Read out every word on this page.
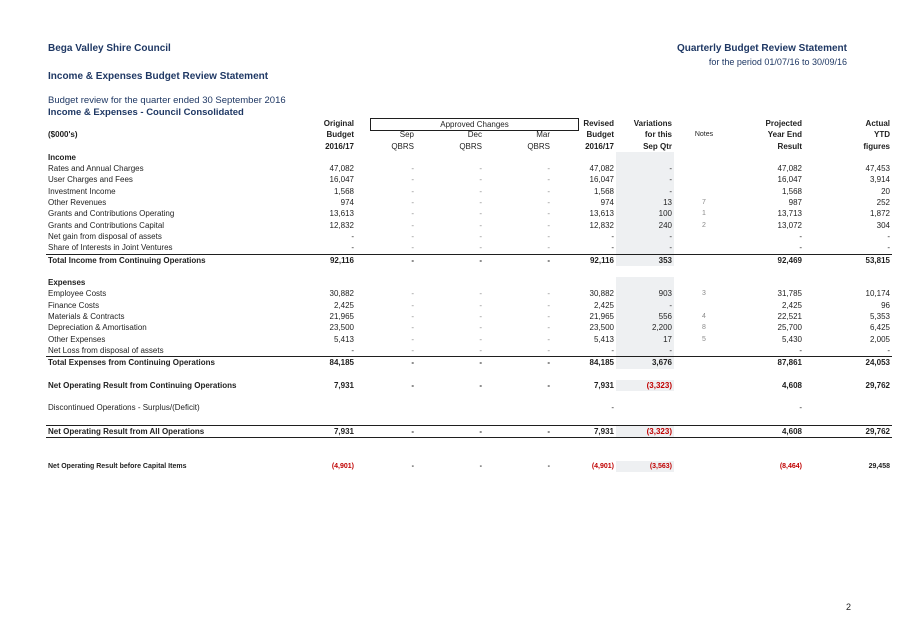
Bega Valley Shire Council	Quarterly Budget Review Statement
for the period 01/07/16 to 30/09/16
Income & Expenses Budget Review Statement
Budget review for the quarter ended 30 September 2016
Income & Expenses - Council Consolidated
Approved Changes
	Original				Revised	Variations		Projected	Actual
($000's)	Budget	Sep	Dec	Mar	Budget	for this	Notes	Year End	YTD
	2016/17	QBRS	QBRS	QBRS	2016/17	Sep Qtr		Result	figures
Income									
Rates and Annual Charges	47,082	-	-	-	47,082	-		47,082	47,453
User Charges and Fees	16,047	-	-	-	16,047	-		16,047	3,914
Investment Income	1,568	-	-	-	1,568	-		1,568	20
Other Revenues	974	-	-	-	974	13	7	987	252
Grants and Contributions Operating	13,613	-	-	-	13,613	100	1	13,713	1,872
Grants and Contributions Capital	12,832	-	-	-	12,832	240	2	13,072	304
Net gain from disposal of assets	-	-	-	-	-	-		-	-
Share of Interests in Joint Ventures	-	-	-	-	-	-		-	-
Total Income from Continuing Operations	92,116	-	-	-	92,116	353		92,469	53,815

Expenses									
Employee Costs	30,882	-	-	-	30,882	903	3	31,785	10,174
Finance Costs	2,425	-	-	-	2,425	-		2,425	96
Materials & Contracts	21,965	-	-	-	21,965	556	4	22,521	5,353
Depreciation & Amortisation	23,500	-	-	-	23,500	2,200	8	25,700	6,425
Other Expenses	5,413	-	-	-	5,413	17	5	5,430	2,005
Net Loss from disposal of assets	-	-	-	-	-	-		-	-
Total Expenses from Continuing Operations	84,185	-	-	-	84,185	3,676		87,861	24,053

Net Operating Result from Continuing Operations	7,931	-	-	-	7,931	(3,323)		4,608	29,762

Discontinued Operations - Surplus/(Deficit)					-			-	

Net Operating Result from All Operations	7,931	-	-	-	7,931	(3,323)		4,608	29,762

Net Operating Result before Capital Items	(4,901)	-	-	-	(4,901)	(3,563)		(8,464)	29,458
2
